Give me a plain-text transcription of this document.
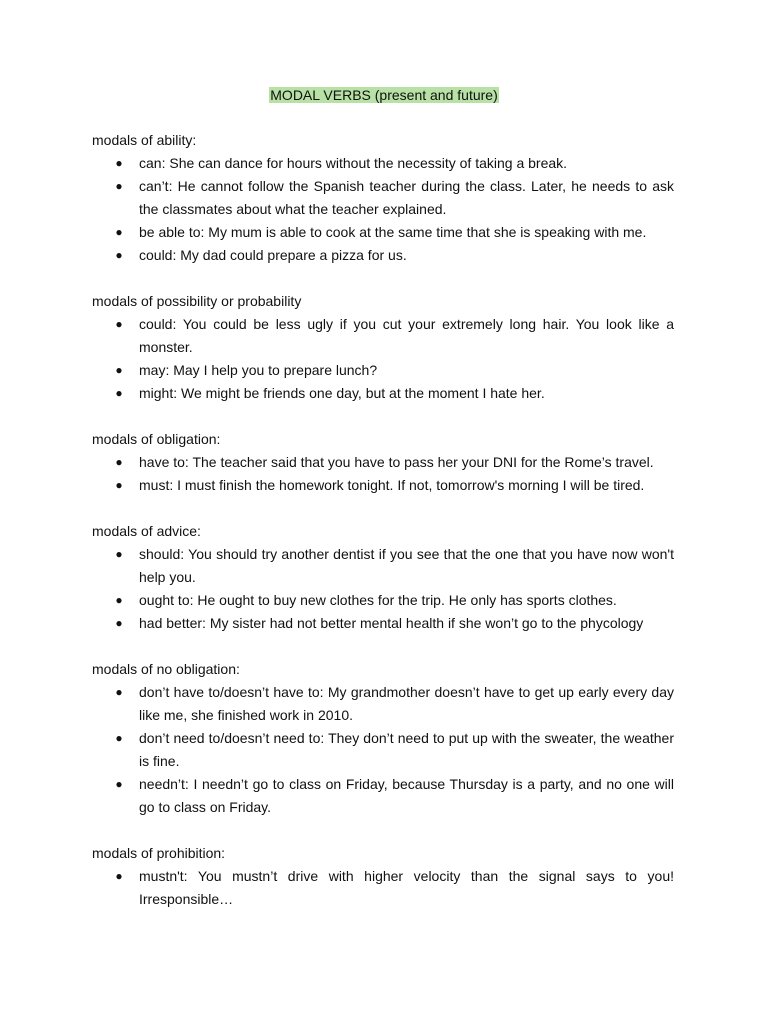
MODAL VERBS (present and future)

modals of ability:

● can: She can dance for hours without the necessity of taking a break.
● can’t: He cannot follow the Spanish teacher during the class. Later, he needs to ask the classmates about what the teacher explained.
● be able to: My mum is able to cook at the same time that she is speaking with me.
● could: My dad could prepare a pizza for us.

modals of possibility or probability

● could: You could be less ugly if you cut your extremely long hair. You look like a monster.
● may: May I help you to prepare lunch?
● might: We might be friends one day, but at the moment I hate her.

modals of obligation:

● have to: The teacher said that you have to pass her your DNI for the Rome’s travel.
● must: I must finish the homework tonight. If not, tomorrow's morning I will be tired.

modals of advice:

● should: You should try another dentist if you see that the one that you have now won't help you.
● ought to: He ought to buy new clothes for the trip. He only has sports clothes.
● had better: My sister had not better mental health if she won’t go to the phycology

modals of no obligation:

● don’t have to/doesn’t have to: My grandmother doesn’t have to get up early every day like me, she finished work in 2010.
● don’t need to/doesn’t need to: They don’t need to put up with the sweater, the weather is fine.
● needn’t: I needn’t go to class on Friday, because Thursday is a party, and no one will go to class on Friday.

modals of prohibition:

● mustn't: You mustn’t drive with higher velocity than the signal says to you! Irresponsible…
